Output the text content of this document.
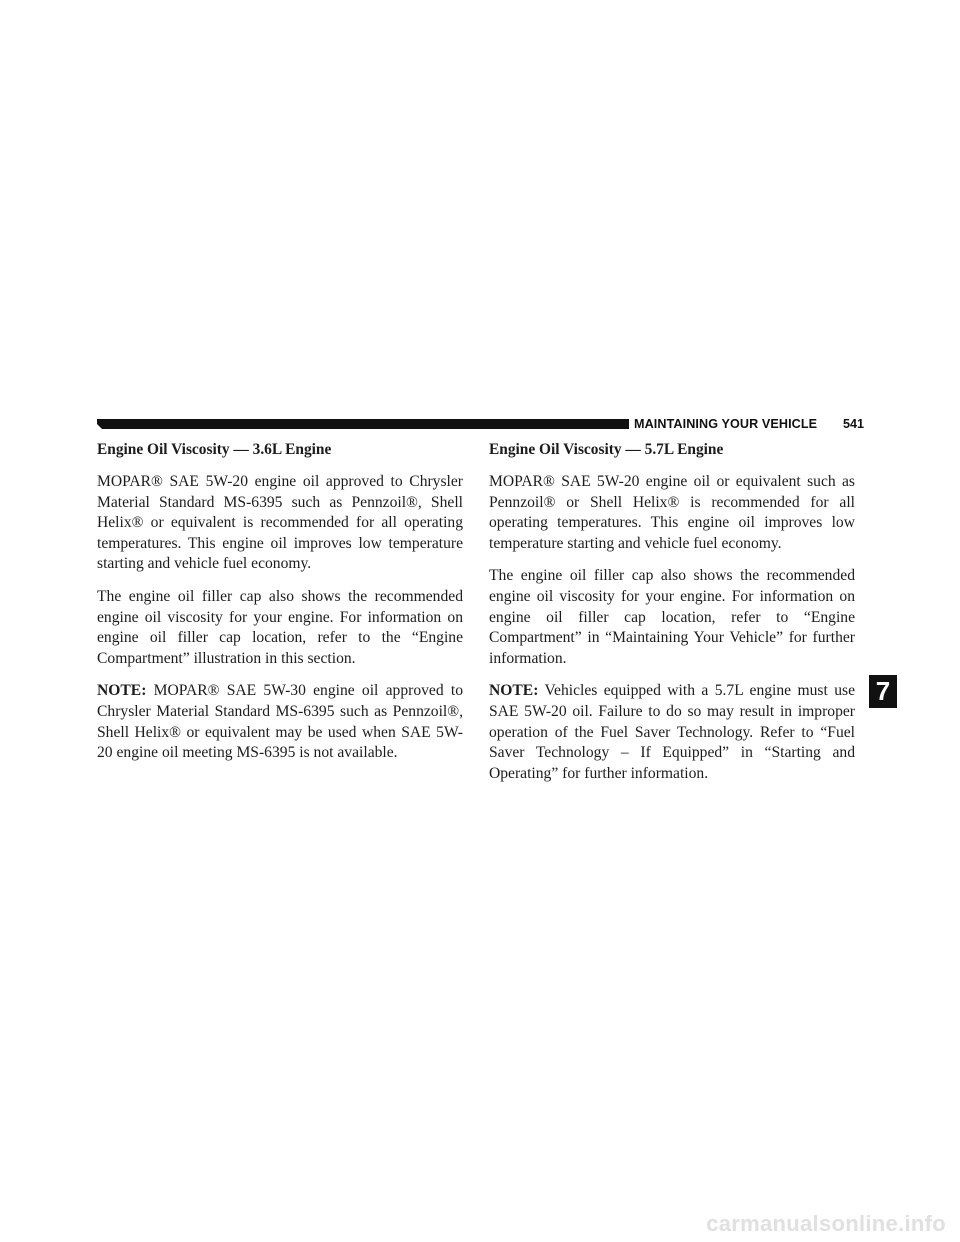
MAINTAINING YOUR VEHICLE 541
Engine Oil Viscosity — 3.6L Engine

MOPAR® SAE 5W-20 engine oil approved to Chrysler Material Standard MS-6395 such as Pennzoil®, Shell Helix® or equivalent is recommended for all operating temperatures. This engine oil improves low temperature starting and vehicle fuel economy.

The engine oil filler cap also shows the recommended engine oil viscosity for your engine. For information on engine oil filler cap location, refer to the “Engine Compartment” illustration in this section.

NOTE: MOPAR® SAE 5W-30 engine oil approved to Chrysler Material Standard MS-6395 such as Pennzoil®, Shell Helix® or equivalent may be used when SAE 5W-20 engine oil meeting MS-6395 is not available.

Engine Oil Viscosity — 5.7L Engine

MOPAR® SAE 5W-20 engine oil or equivalent such as Pennzoil® or Shell Helix® is recommended for all operating temperatures. This engine oil improves low temperature starting and vehicle fuel economy.

The engine oil filler cap also shows the recommended engine oil viscosity for your engine. For information on engine oil filler cap location, refer to “Engine Compartment” in “Maintaining Your Vehicle” for further information.

NOTE: Vehicles equipped with a 5.7L engine must use SAE 5W-20 oil. Failure to do so may result in improper operation of the Fuel Saver Technology. Refer to “Fuel Saver Technology – If Equipped” in “Starting and Operating” for further information.

7
carmanualsonline.info
